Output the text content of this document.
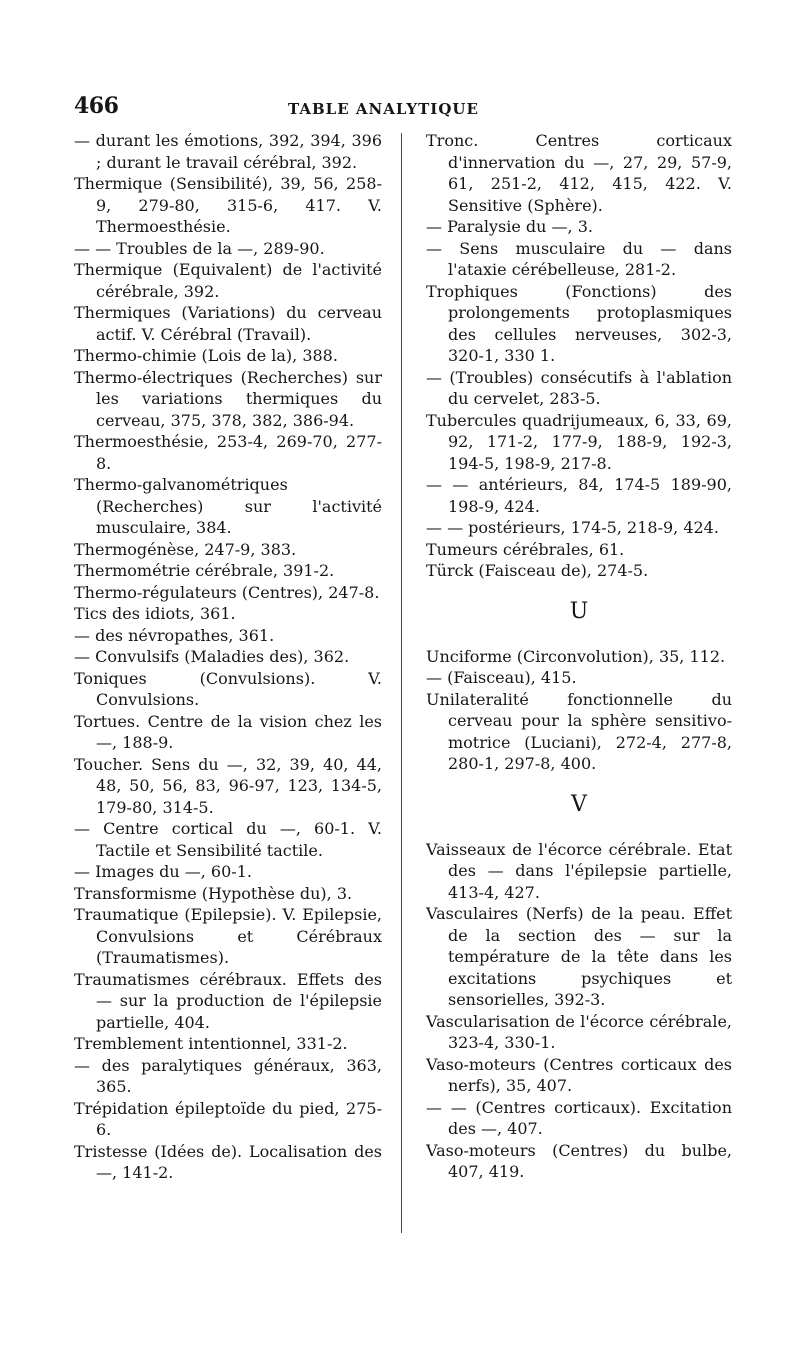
466	TABLE ANALYTIQUE
— durant les émotions, 392, 394, 396 ; durant le travail cérébral, 392.
Thermique (Sensibilité), 39, 56, 258-9, 279-80, 315-6, 417. V. Thermoesthésie.
— — Troubles de la —, 289-90.
Thermique (Equivalent) de l'activité cérébrale, 392.
Thermiques (Variations) du cerveau actif. V. Cérébral (Travail).
Thermo-chimie (Lois de la), 388.
Thermo-électriques (Recherches) sur les variations thermiques du cerveau, 375, 378, 382, 386-94.
Thermoesthésie, 253-4, 269-70, 277-8.
Thermo-galvanométriques (Recherches) sur l'activité musculaire, 384.
Thermogénèse, 247-9, 383.
Thermométrie cérébrale, 391-2.
Thermo-régulateurs (Centres), 247-8.
Tics des idiots, 361.
— des névropathes, 361.
— Convulsifs (Maladies des), 362.
Toniques (Convulsions). V. Convulsions.
Tortues. Centre de la vision chez les —, 188-9.
Toucher. Sens du —, 32, 39, 40, 44, 48, 50, 56, 83, 96-97, 123, 134-5, 179-80, 314-5.
— Centre cortical du —, 60-1. V. Tactile et Sensibilité tactile.
— Images du —, 60-1.
Transformisme (Hypothèse du), 3.
Traumatique (Epilepsie). V. Epilepsie, Convulsions et Cérébraux (Traumatismes).
Traumatismes cérébraux. Effets des — sur la production de l'épilepsie partielle, 404.
Tremblement intentionnel, 331-2.
— des paralytiques généraux, 363, 365.
Trépidation épileptoïde du pied, 275-6.
Tristesse (Idées de). Localisation des —, 141-2.
Tronc. Centres corticaux d'innervation du —, 27, 29, 57-9, 61, 251-2, 412, 415, 422. V. Sensitive (Sphère).
— Paralysie du —, 3.
— Sens musculaire du — dans l'ataxie cérébelleuse, 281-2.
Trophiques (Fonctions) des prolongements protoplasmiques des cellules nerveuses, 302-3, 320-1, 330 1.
— (Troubles) consécutifs à l'ablation du cervelet, 283-5.
Tubercules quadrijumeaux, 6, 33, 69, 92, 171-2, 177-9, 188-9, 192-3, 194-5, 198-9, 217-8.
— — antérieurs, 84, 174-5 189-90, 198-9, 424.
— — postérieurs, 174-5, 218-9, 424.
Tumeurs cérébrales, 61.
Türck (Faisceau de), 274-5.
U
Unciforme (Circonvolution), 35, 112.
— (Faisceau), 415.
Unilateralité fonctionnelle du cerveau pour la sphère sensitivo-motrice (Luciani), 272-4, 277-8, 280-1, 297-8, 400.
V
Vaisseaux de l'écorce cérébrale. Etat des — dans l'épilepsie partielle, 413-4, 427.
Vasculaires (Nerfs) de la peau. Effet de la section des — sur la température de la tête dans les excitations psychiques et sensorielles, 392-3.
Vascularisation de l'écorce cérébrale, 323-4, 330-1.
Vaso-moteurs (Centres corticaux des nerfs), 35, 407.
— — (Centres corticaux). Excitation des —, 407.
Vaso-moteurs (Centres) du bulbe, 407, 419.
